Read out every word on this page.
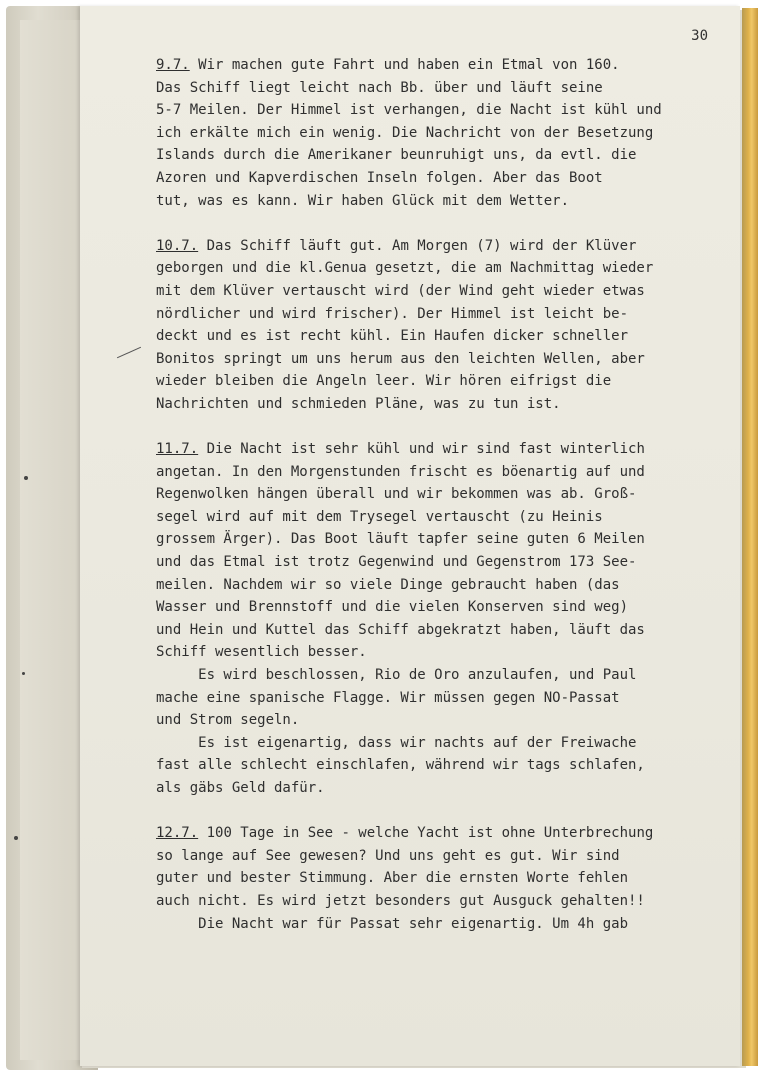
30
9.7. Wir machen gute Fahrt und haben ein Etmal von 160.
Das Schiff liegt leicht nach Bb. über und läuft seine
5-7 Meilen. Der Himmel ist verhangen, die Nacht ist kühl und
ich erkälte mich ein wenig. Die Nachricht von der Besetzung
Islands durch die Amerikaner beunruhigt uns, da evtl. die
Azoren und Kapverdischen Inseln folgen. Aber das Boot
tut, was es kann. Wir haben Glück mit dem Wetter.
10.7. Das Schiff läuft gut. Am Morgen (7) wird der Klüver
geborgen und die kl.Genua gesetzt, die am Nachmittag wieder
mit dem Klüver vertauscht wird (der Wind geht wieder etwas
nördlicher und wird frischer). Der Himmel ist leicht be-
deckt und es ist recht kühl. Ein Haufen dicker schneller
Bonitos springt um uns herum aus den leichten Wellen, aber
wieder bleiben die Angeln leer. Wir hören eifrigst die
Nachrichten und schmieden Pläne, was zu tun ist.
11.7. Die Nacht ist sehr kühl und wir sind fast winterlich
angetan. In den Morgenstunden frischt es böenartig auf und
Regenwolken hängen überall und wir bekommen was ab. Groß-
segel wird auf mit dem Trysegel vertauscht (zu Heinis
grossem Ärger). Das Boot läuft tapfer seine guten 6 Meilen
und das Etmal ist trotz Gegenwind und Gegenstrom 173 See-
meilen. Nachdem wir so viele Dinge gebraucht haben (das
Wasser und Brennstoff und die vielen Konserven sind weg)
und Hein und Kuttel das Schiff abgekratzt haben, läuft das
Schiff wesentlich besser.
Es wird beschlossen, Rio de Oro anzulaufen, und Paul
mache eine spanische Flagge. Wir müssen gegen NO-Passat
und Strom segeln.
Es ist eigenartig, dass wir nachts auf der Freiwache
fast alle schlecht einschlafen, während wir tags schlafen,
als gäbs Geld dafür.
12.7. 100 Tage in See - welche Yacht ist ohne Unterbrechung
so lange auf See gewesen? Und uns geht es gut. Wir sind
guter und bester Stimmung. Aber die ernsten Worte fehlen
auch nicht. Es wird jetzt besonders gut Ausguck gehalten!!
Die Nacht war für Passat sehr eigenartig. Um 4h gab
